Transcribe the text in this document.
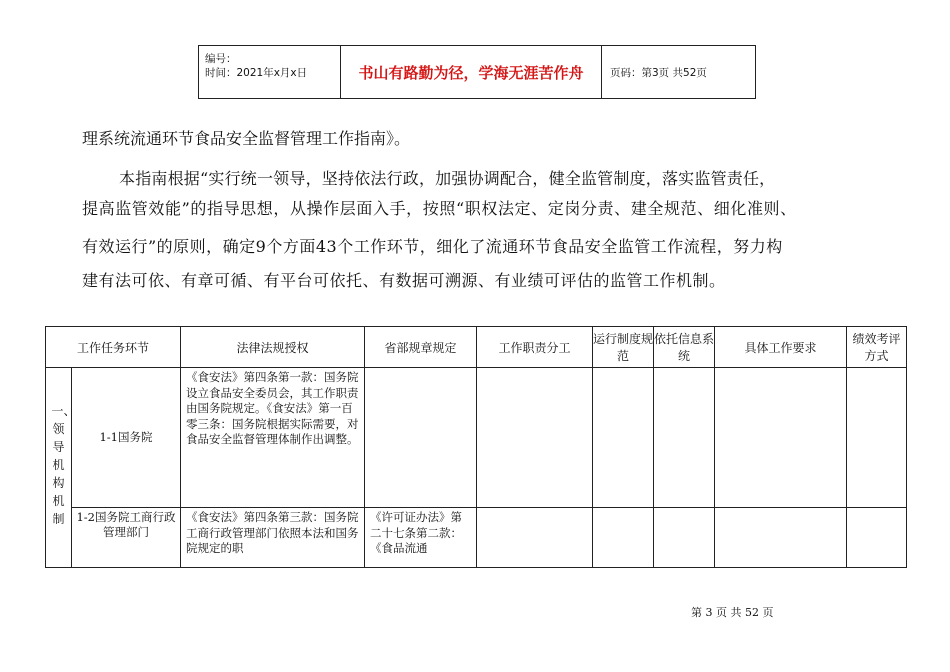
编号：
时间：2021年x月x日	书山有路勤为径，学海无涯苦作舟	页码：第3页 共52页
理系统流通环节食品安全监督管理工作指南》。
本指南根据“实行统一领导，坚持依法行政，加强协调配合，健全监管制度，落实监管责任，
提高监管效能”的指导思想，从操作层面入手，按照“职权法定、定岗分责、建全规范、细化准则、
有效运行”的原则，确定9个方面43个工作环节，细化了流通环节食品安全监管工作流程，努力构
建有法可依、有章可循、有平台可依托、有数据可溯源、有业绩可评估的监管工作机制。
工作任务环节		法律法规授权	省部规章规定	工作职责分工	运行制度规范	依托信息系统	具体工作要求	绩效考评方式

一、领导机构机制	1-1国务院	《食安法》第四条第一款：国务院设立食品安全委员会，其工作职责由国务院规定。《食安法》第一百零三条：国务院根据实际需要，对食品安全监督管理体制作出调整。						
	1-2国务院工商行政管理部门	《食安法》第四条第三款：国务院工商行政管理部门依照本法和国务院规定的职	《许可证办法》第二十七条第二款：《食品流通					
第 3 页 共 52 页
